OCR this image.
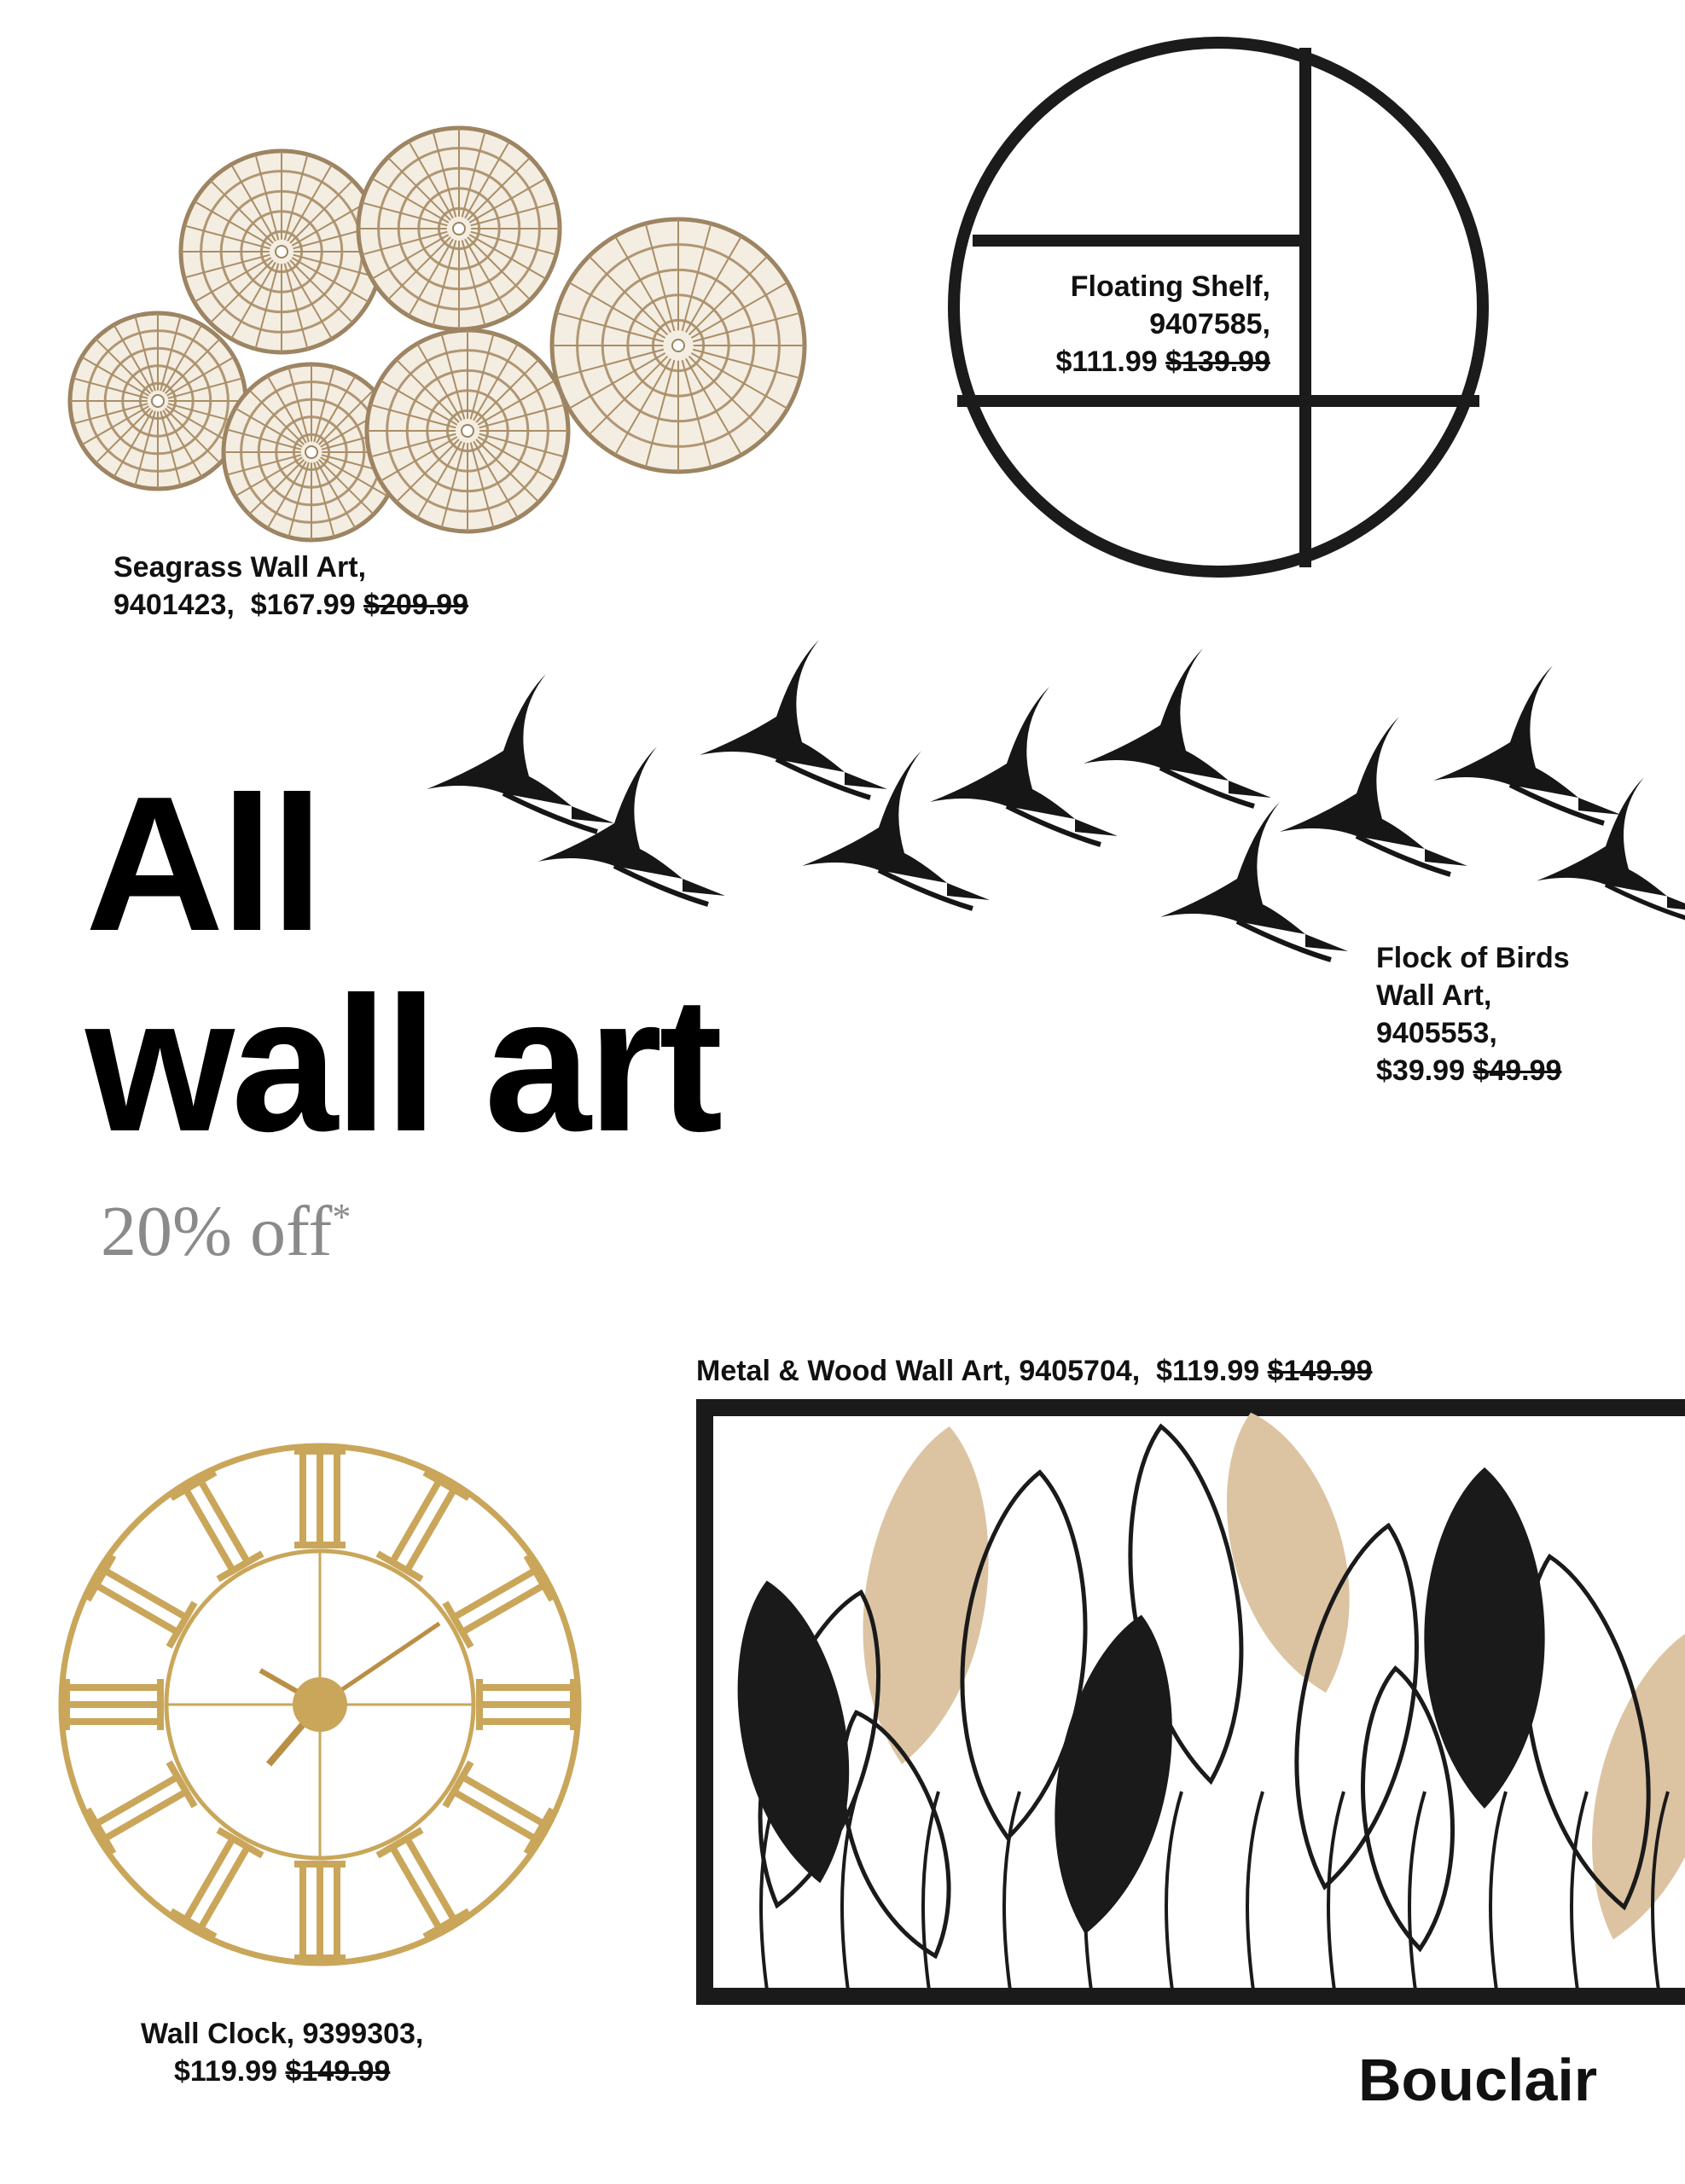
Seagrass Wall Art,
9401423, $167.99 $209.99
Floating Shelf,
9407585,
$111.99 $139.99
Flock of Birds
Wall Art,
9405553,
$39.99 $49.99
Metal & Wood Wall Art, 9405704, $119.99 $149.99
Wall Clock, 9399303,
$119.99 $149.99
All
wall art
20% off*
Bouclair
